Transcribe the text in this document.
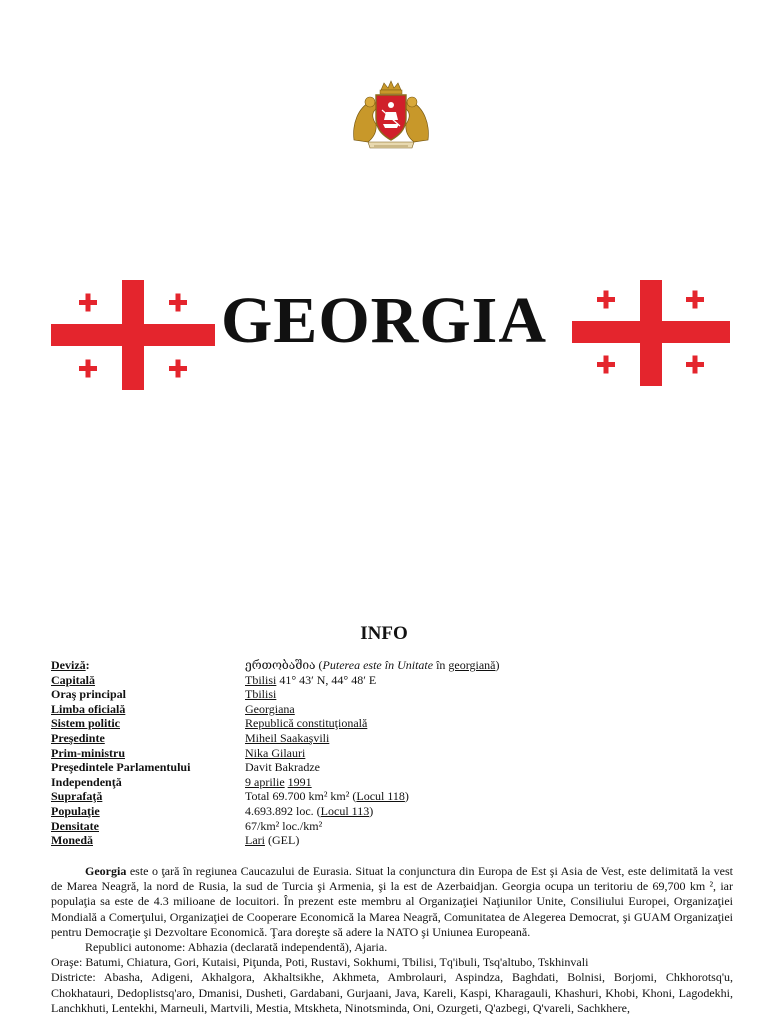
GEORGIA
INFO
Deviză:	ერთობაშია (Puterea este în Unitate în georgiană)
Capitală	Tbilisi 41° 43′ N, 44° 48′ E
Oraş principal	Tbilisi
Limba oficială	Georgiana
Sistem politic	Republică constituţională
Preşedinte	Miheil Saakaşvili
Prim-ministru	Nika Gilauri
Preşedintele Parlamentului	Davit Bakradze
Independenţă	9 aprilie 1991
Suprafaţă	Total 69.700 km² km² (Locul 118)
Populaţie	4.693.892 loc. (Locul 113)
Densitate	67/km² loc./km²
Monedă	Lari (GEL)

Georgia este o ţară în regiunea Caucazului de Eurasia. Situat la conjunctura din Europa de Est şi Asia de Vest, este delimitată la vest de Marea Neagră, la nord de Rusia, la sud de Turcia şi Armenia, şi la est de Azerbaidjan. Georgia ocupa un teritoriu de 69,700 km ², iar populaţia sa este de 4.3 milioane de locuitori. În prezent este membru al Organizaţiei Naţiunilor Unite, Consiliului Europei, Organizaţiei Mondială a Comerţului, Organizaţiei de Cooperare Economică la Marea Neagră, Comunitatea de Alegerea Democrat, şi GUAM Organizaţiei pentru Democraţie şi Dezvoltare Economică. Ţara doreşte să adere la NATO şi Uniunea Europeană.

Republici autonome: Abhazia (declarată independentă), Ajaria.

Oraşe: Batumi, Chiatura, Gori, Kutaisi, Piţunda, Poti, Rustavi, Sokhumi, Tbilisi, Tq'ibuli, Tsq'altubo, Tskhinvali

Districte: Abasha, Adigeni, Akhalgora, Akhaltsikhe, Akhmeta, Ambrolauri, Aspindza, Baghdati, Bolnisi, Borjomi, Chkhorotsq'u, Chokhatauri, Dedoplistsq'aro, Dmanisi, Dusheti, Gardabani, Gurjaani, Java, Kareli, Kaspi, Kharagauli, Khashuri, Khobi, Khoni, Lagodekhi, Lanchkhuti, Lentekhi, Marneuli, Martvili, Mestia, Mtskheta, Ninotsminda, Oni, Ozurgeti, Q'azbegi, Q'vareli, Sachkhere,
